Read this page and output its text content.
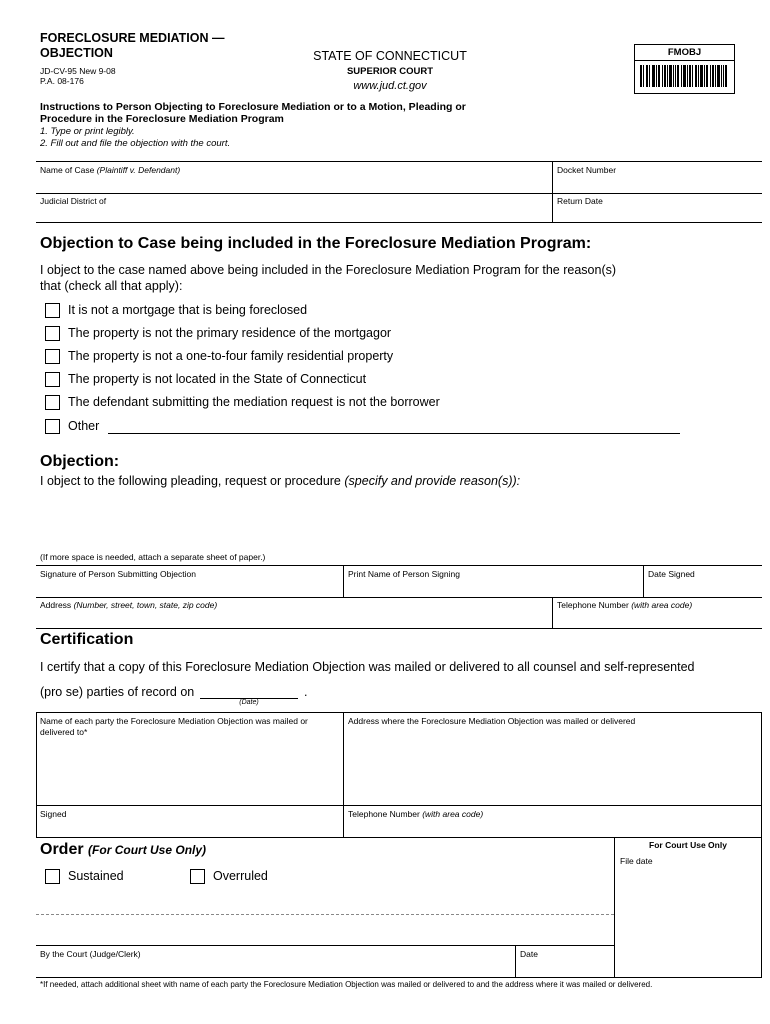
FORECLOSURE MEDIATION —
OBJECTION
JD-CV-95 New 9-08
P.A. 08-176
STATE OF CONNECTICUT
SUPERIOR COURT
www.jud.ct.gov
FMOBJ
Instructions to Person Objecting to Foreclosure Mediation or to a Motion, Pleading or
Procedure in the Foreclosure Mediation Program
1. Type or print legibly.
2. Fill out and file the objection with the court.
Name of Case (Plaintiff v. Defendant)	Docket Number
Judicial District of	Return Date
Objection to Case being included in the Foreclosure Mediation Program:
I object to the case named above being included in the Foreclosure Mediation Program for the reason(s)
that (check all that apply):
It is not a mortgage that is being foreclosed
The property is not the primary residence of the mortgagor
The property is not a one-to-four family residential property
The property is not located in the State of Connecticut
The defendant submitting the mediation request is not the borrower
Other
Objection:
I object to the following pleading, request or procedure (specify and provide reason(s)):
(If more space is needed, attach a separate sheet of paper.)
Signature of Person Submitting Objection	Print Name of Person Signing	Date Signed
Address (Number, street, town, state, zip code)	Telephone Number (with area code)
Certification
I certify that a copy of this Foreclosure Mediation Objection was mailed or delivered to all counsel and self-represented
(pro se) parties of record on	.
(Date)
Name of each party the Foreclosure Mediation Objection was mailed or
delivered to*
Address where the Foreclosure Mediation Objection was mailed or delivered
Signed	Telephone Number (with area code)
Order (For Court Use Only)
Sustained	Overruled
By the Court (Judge/Clerk)	Date
For Court Use Only
File date
*If needed, attach additional sheet with name of each party the Foreclosure Mediation Objection was mailed or delivered to and the address where it was mailed or delivered.
